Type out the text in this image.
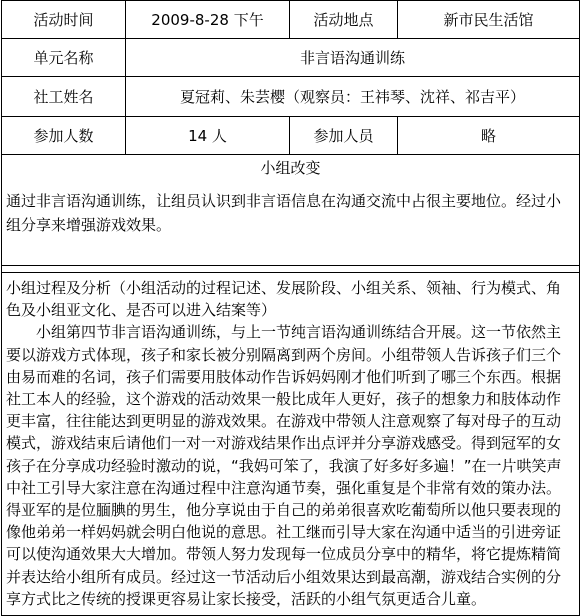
活动时间	2009-8-28 下午	活动地点	新市民生活馆
单元名称	非言语沟通训练		
社工姓名	夏冠莉、朱芸樱（观察员：王祎琴、沈祥、祁吉平）		
参加人数	14 人	参加人员	略

小组改变
通过非言语沟通训练，让组员认识到非言语信息在沟通交流中占很主要地位。经过小组分享来增强游戏效果。			

小组过程及分析（小组活动的过程记述、发展阶段、小组关系、领袖、行为模式、角色及小组亚文化、是否可以进入结案等）

小组第四节非言语沟通训练，与上一节纯言语沟通训练结合开展。这一节依然主要以游戏方式体现，孩子和家长被分别隔离到两个房间。小组带领人告诉孩子们三个由易而难的名词，孩子们需要用肢体动作告诉妈妈刚才他们听到了哪三个东西。根据社工本人的经验，这个游戏的活动效果一般比成年人更好，孩子的想象力和肢体动作更丰富，往往能达到更明显的游戏效果。在游戏中带领人注意观察了每对母子的互动模式，游戏结束后请他们一对一对游戏结果作出点评并分享游戏感受。得到冠军的女孩子在分享成功经验时激动的说，“我妈可笨了，我演了好多好多遍！”在一片哄笑声中社工引导大家注意在沟通过程中注意沟通节奏，强化重复是个非常有效的策办法。得亚军的是位腼腆的男生，他分享说由于自己的弟弟很喜欢吃葡萄所以他只要表现的像他弟弟一样妈妈就会明白他说的意思。社工继而引导大家在沟通中适当的引进旁证可以使沟通效果大大增加。带领人努力发现每一位成员分享中的精华，将它提炼精简并表达给小组所有成员。经过这一节活动后小组效果达到最高潮，游戏结合实例的分享方式比之传统的授课更容易让家长接受，活跃的小组气氛更适合儿童。			
